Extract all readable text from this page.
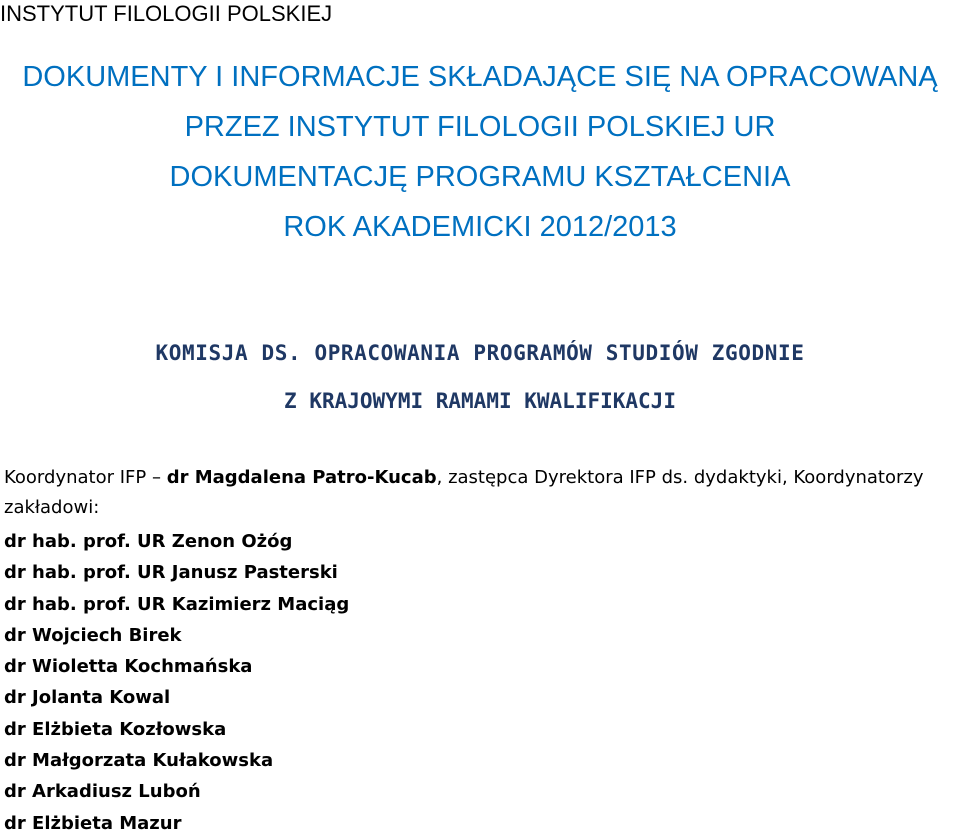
INSTYTUT FILOLOGII POLSKIEJ
DOKUMENTY I INFORMACJE SKŁADAJĄCE SIĘ NA OPRACOWANĄ
PRZEZ INSTYTUT FILOLOGII POLSKIEJ UR
DOKUMENTACJĘ PROGRAMU KSZTAŁCENIA
ROK AKADEMICKI 2012/2013
KOMISJA DS. OPRACOWANIA PROGRAMÓW STUDIÓW ZGODNIE
Z KRAJOWYMI RAMAMI KWALIFIKACJI
Koordynator IFP – dr Magdalena Patro-Kucab, zastępca Dyrektora IFP ds. dydaktyki, Koordynatorzy zakładowi:
dr hab. prof. UR Zenon Ożóg
dr hab. prof. UR Janusz Pasterski
dr hab. prof. UR Kazimierz Maciąg
dr Wojciech Birek
dr Wioletta Kochmańska
dr Jolanta Kowal
dr Elżbieta Kozłowska
dr Małgorzata Kułakowska
dr Arkadiusz Luboń
dr Elżbieta Mazur
